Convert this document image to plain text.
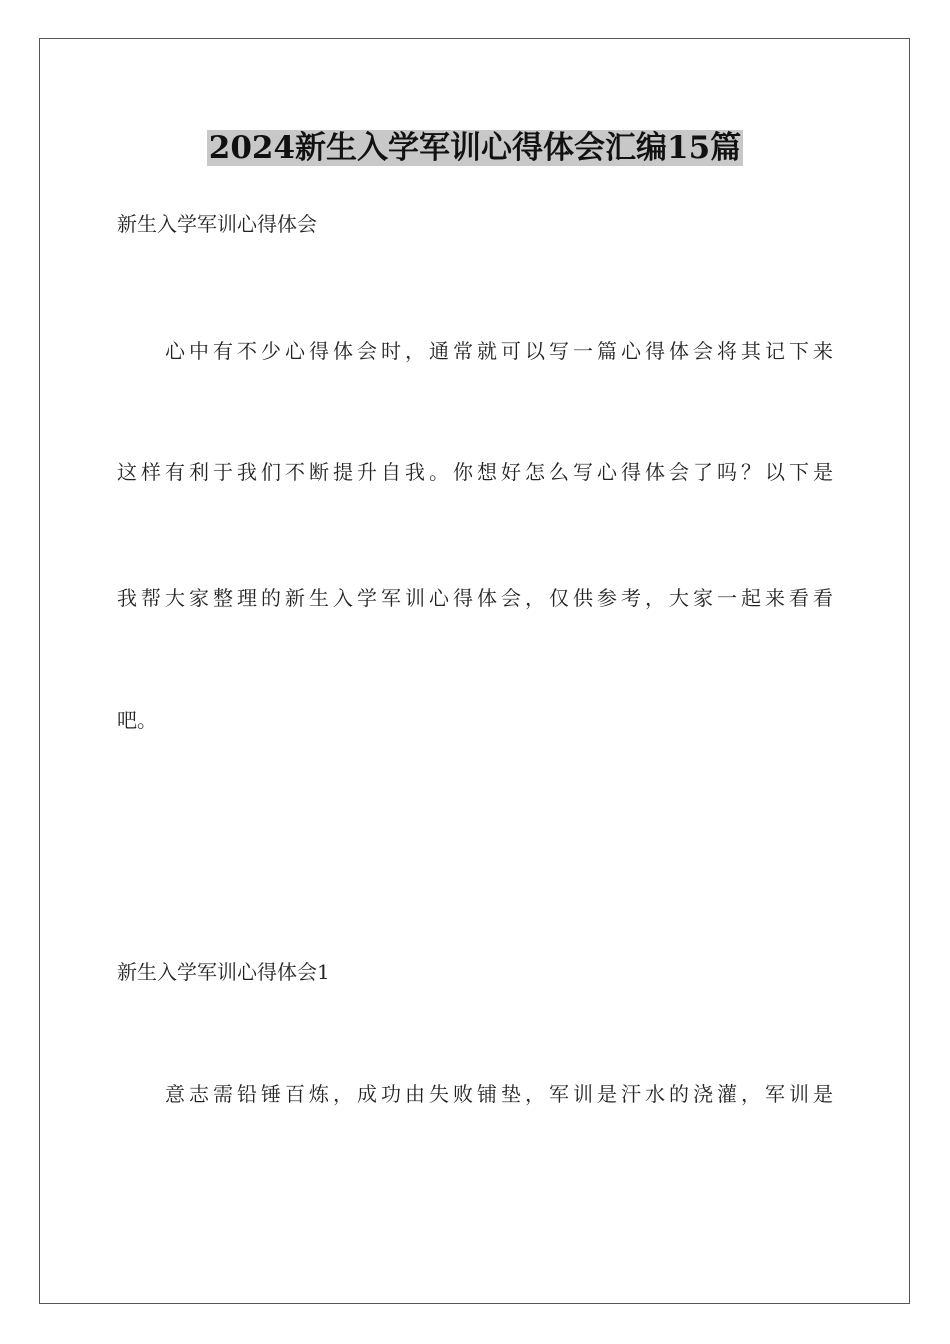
2024新生入学军训心得体会汇编15篇
新生入学军训心得体会
心中有不少心得体会时，通常就可以写一篇心得体会将其记下来
这样有利于我们不断提升自我。你想好怎么写心得体会了吗？以下是
我帮大家整理的新生入学军训心得体会，仅供参考，大家一起来看看
吧。
新生入学军训心得体会1
意志需铅锤百炼，成功由失败铺垫，军训是汗水的浇灌，军训是
